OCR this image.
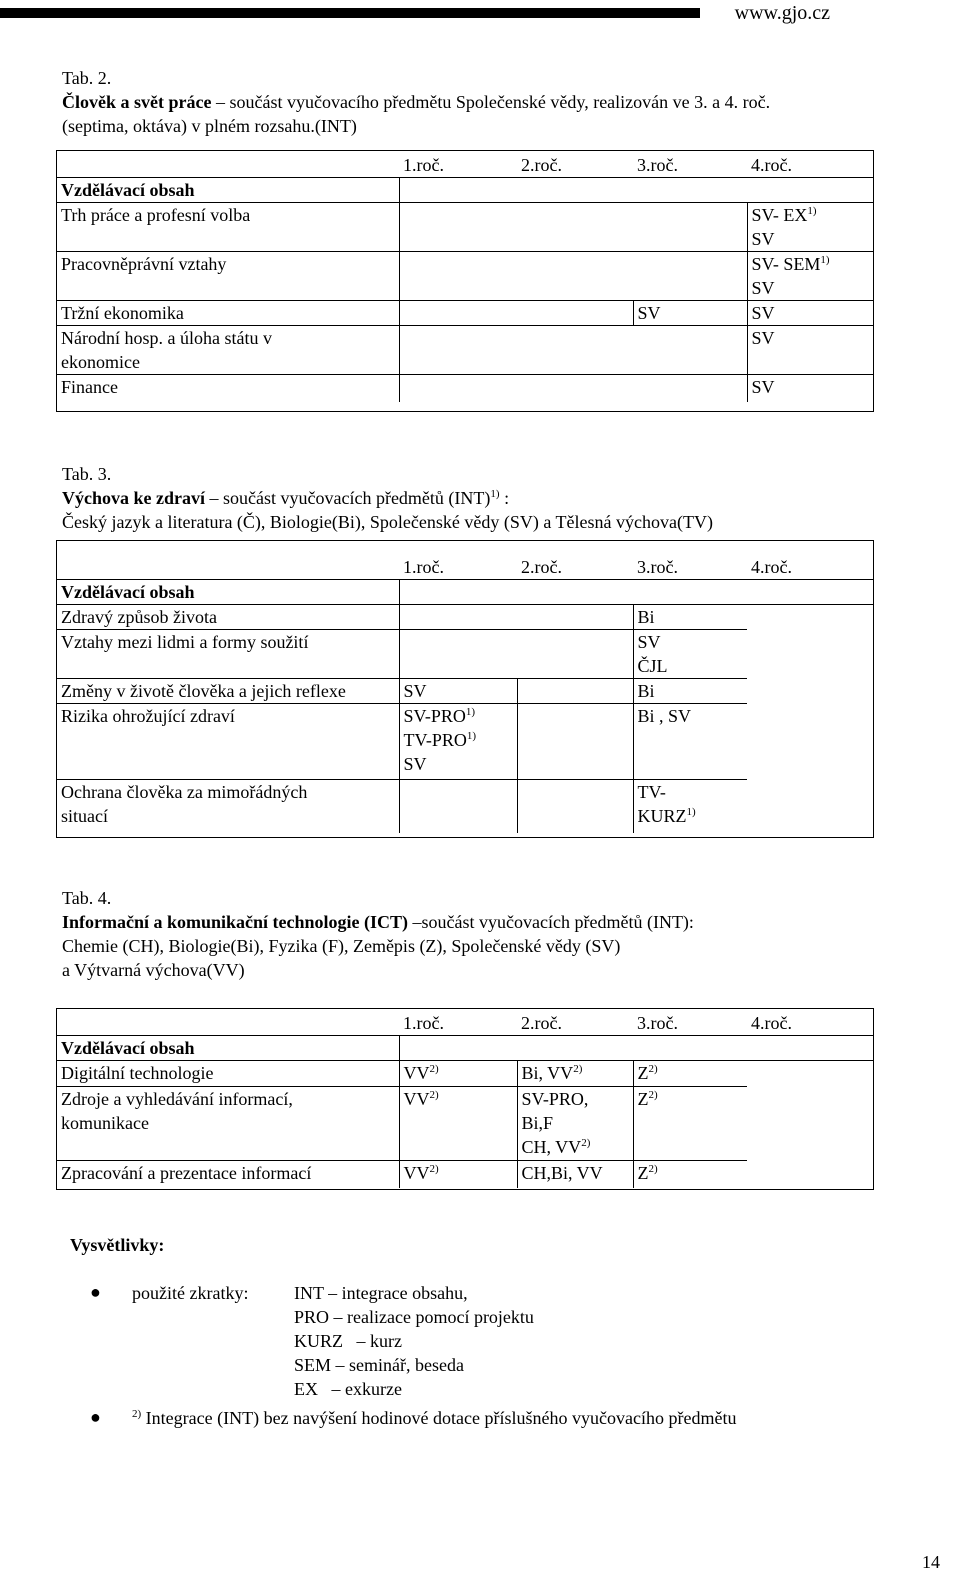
www.gjo.cz

Tab. 2.

Člověk a svět práce – součást vyučovacího předmětu Společenské vědy, realizován ve 3. a 4. roč.

(septima, oktáva) v plném rozsahu.(INT)

	1.roč.	2.roč.	3.roč.	4.roč.
Vzdělávací obsah				
Trh práce a profesní volba				SV- EX$^{1)}$
SV
Pracovněprávní vztahy				SV- SEM$^{1)}$
SV
Tržní ekonomika			SV	SV
Národní hosp. a úloha státu v
ekonomice				SV
Finance				SV

Tab. 3.

Výchova ke zdraví – součást vyučovacích předmětů (INT)$^{1)}$ :

Český jazyk a literatura (Č), Biologie(Bi), Společenské vědy (SV) a Tělesná výchova(TV)

	1.roč.	2.roč.	3.roč.	4.roč.
Vzdělávací obsah				
Zdravý způsob života			Bi	
Vztahy mezi lidmi a formy soužití			SV
ČJL	
Změny v životě člověka a jejich reflexe	SV		Bi	
Rizika ohrožující zdraví	SV-PRO$^{1)}$
TV-PRO$^{1)}$
SV		Bi , SV	
Ochrana člověka za mimořádných
situací			TV-
KURZ$^{1)}$	

Tab. 4.

Informační a komunikační technologie (ICT) –součást vyučovacích předmětů (INT):

Chemie (CH), Biologie(Bi), Fyzika (F), Zeměpis (Z), Společenské vědy (SV)

a Výtvarná výchova(VV)

	1.roč.	2.roč.	3.roč.	4.roč.
Vzdělávací obsah				
Digitální technologie	VV$^{2)}$	Bi, VV$^{2)}$	$Z^{2)}$	
Zdroje a vyhledávání informací,
komunikace	VV$^{2)}$	SV-PRO,
Bi,F
CH, VV$^{2)}$	$Z^{2)}$	
Zpracování a prezentace informací	VV$^{2)}$	CH,Bi, VV	$Z^{2)}$	

Vysvětlivky:

● použité zkratky:	INT – integrace obsahu,

PRO – realizace pomocí projektu

KURZ   – kurz

SEM – seminář, beseda

EX   – exkurze

●	$^{2)}$ Integrace (INT) bez navýšení hodinové dotace příslušného vyučovacího předmětu
14
